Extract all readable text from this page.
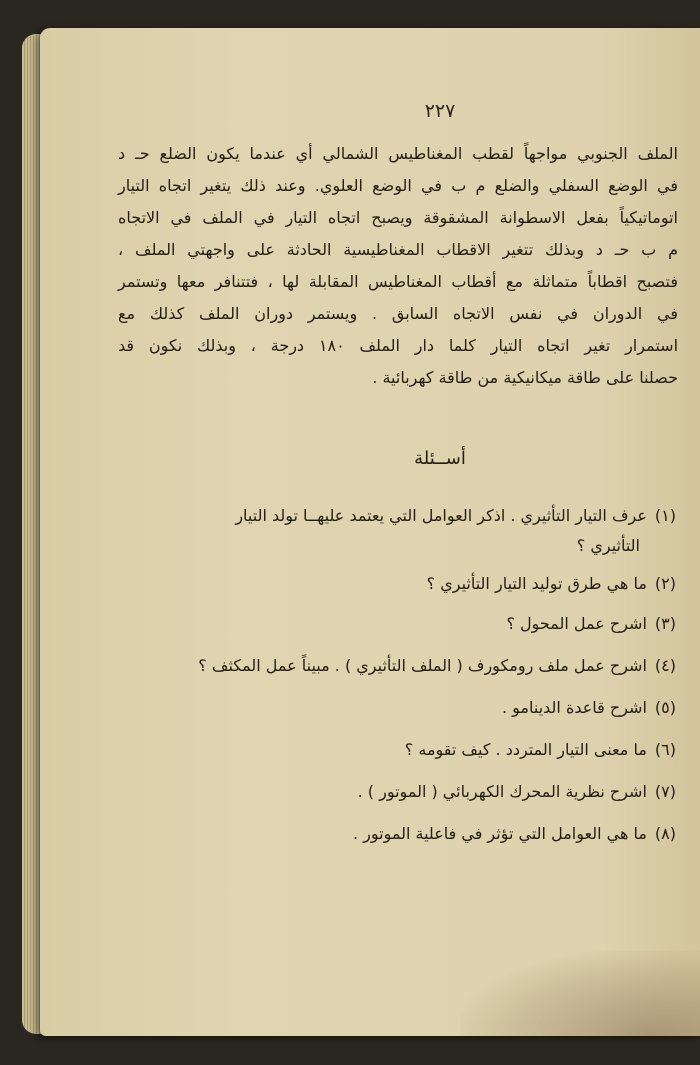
٢٢٧
الملف الجنوبي مواجهاً لقطب المغناطيس الشمالي أي عندما يكون الضلع حـ د
في الوضع السفلي والضلع م ب في الوضع العلوي. وعند ذلك يتغير اتجاه التيار
اتوماتيكياً بفعل الاسطوانة المشقوقة ويصبح اتجاه التيار في الملف في الاتجاه
م ب حـ د وبذلك تتغير الاقطاب المغناطيسية الحادثة على واجهتي الملف ،
فتصبح اقطاباً متماثلة مع أقطاب المغناطيس المقابلة لها ، فتتنافر معها وتستمر
في الدوران في نفس الاتجاه السابق . ويستمر دوران الملف كذلك مع
استمرار تغير اتجاه التيار كلما دار الملف ١٨٠ درجة ، وبذلك نكون قد
حصلنا على طاقة ميكانيكية من طاقة كهربائية .
أســئلة
(١)عرف التيار التأثيري . اذكر العوامل التي يعتمد عليهــا تولد التيار
التأثيري ؟
(٢)ما هي طرق توليد التيار التأثيري ؟
(٣)اشرح عمل المحول ؟
(٤)اشرح عمل ملف رومكورف ( الملف التأثيري ) . مبيناً عمل المكثف ؟
(٥)اشرح قاعدة الدينامو .
(٦)ما معنى التيار المتردد . كيف تقومه ؟
(٧)اشرح نظرية المحرك الكهربائي ( الموتور ) .
(٨)ما هي العوامل التي تؤثر في فاعلية الموتور .
